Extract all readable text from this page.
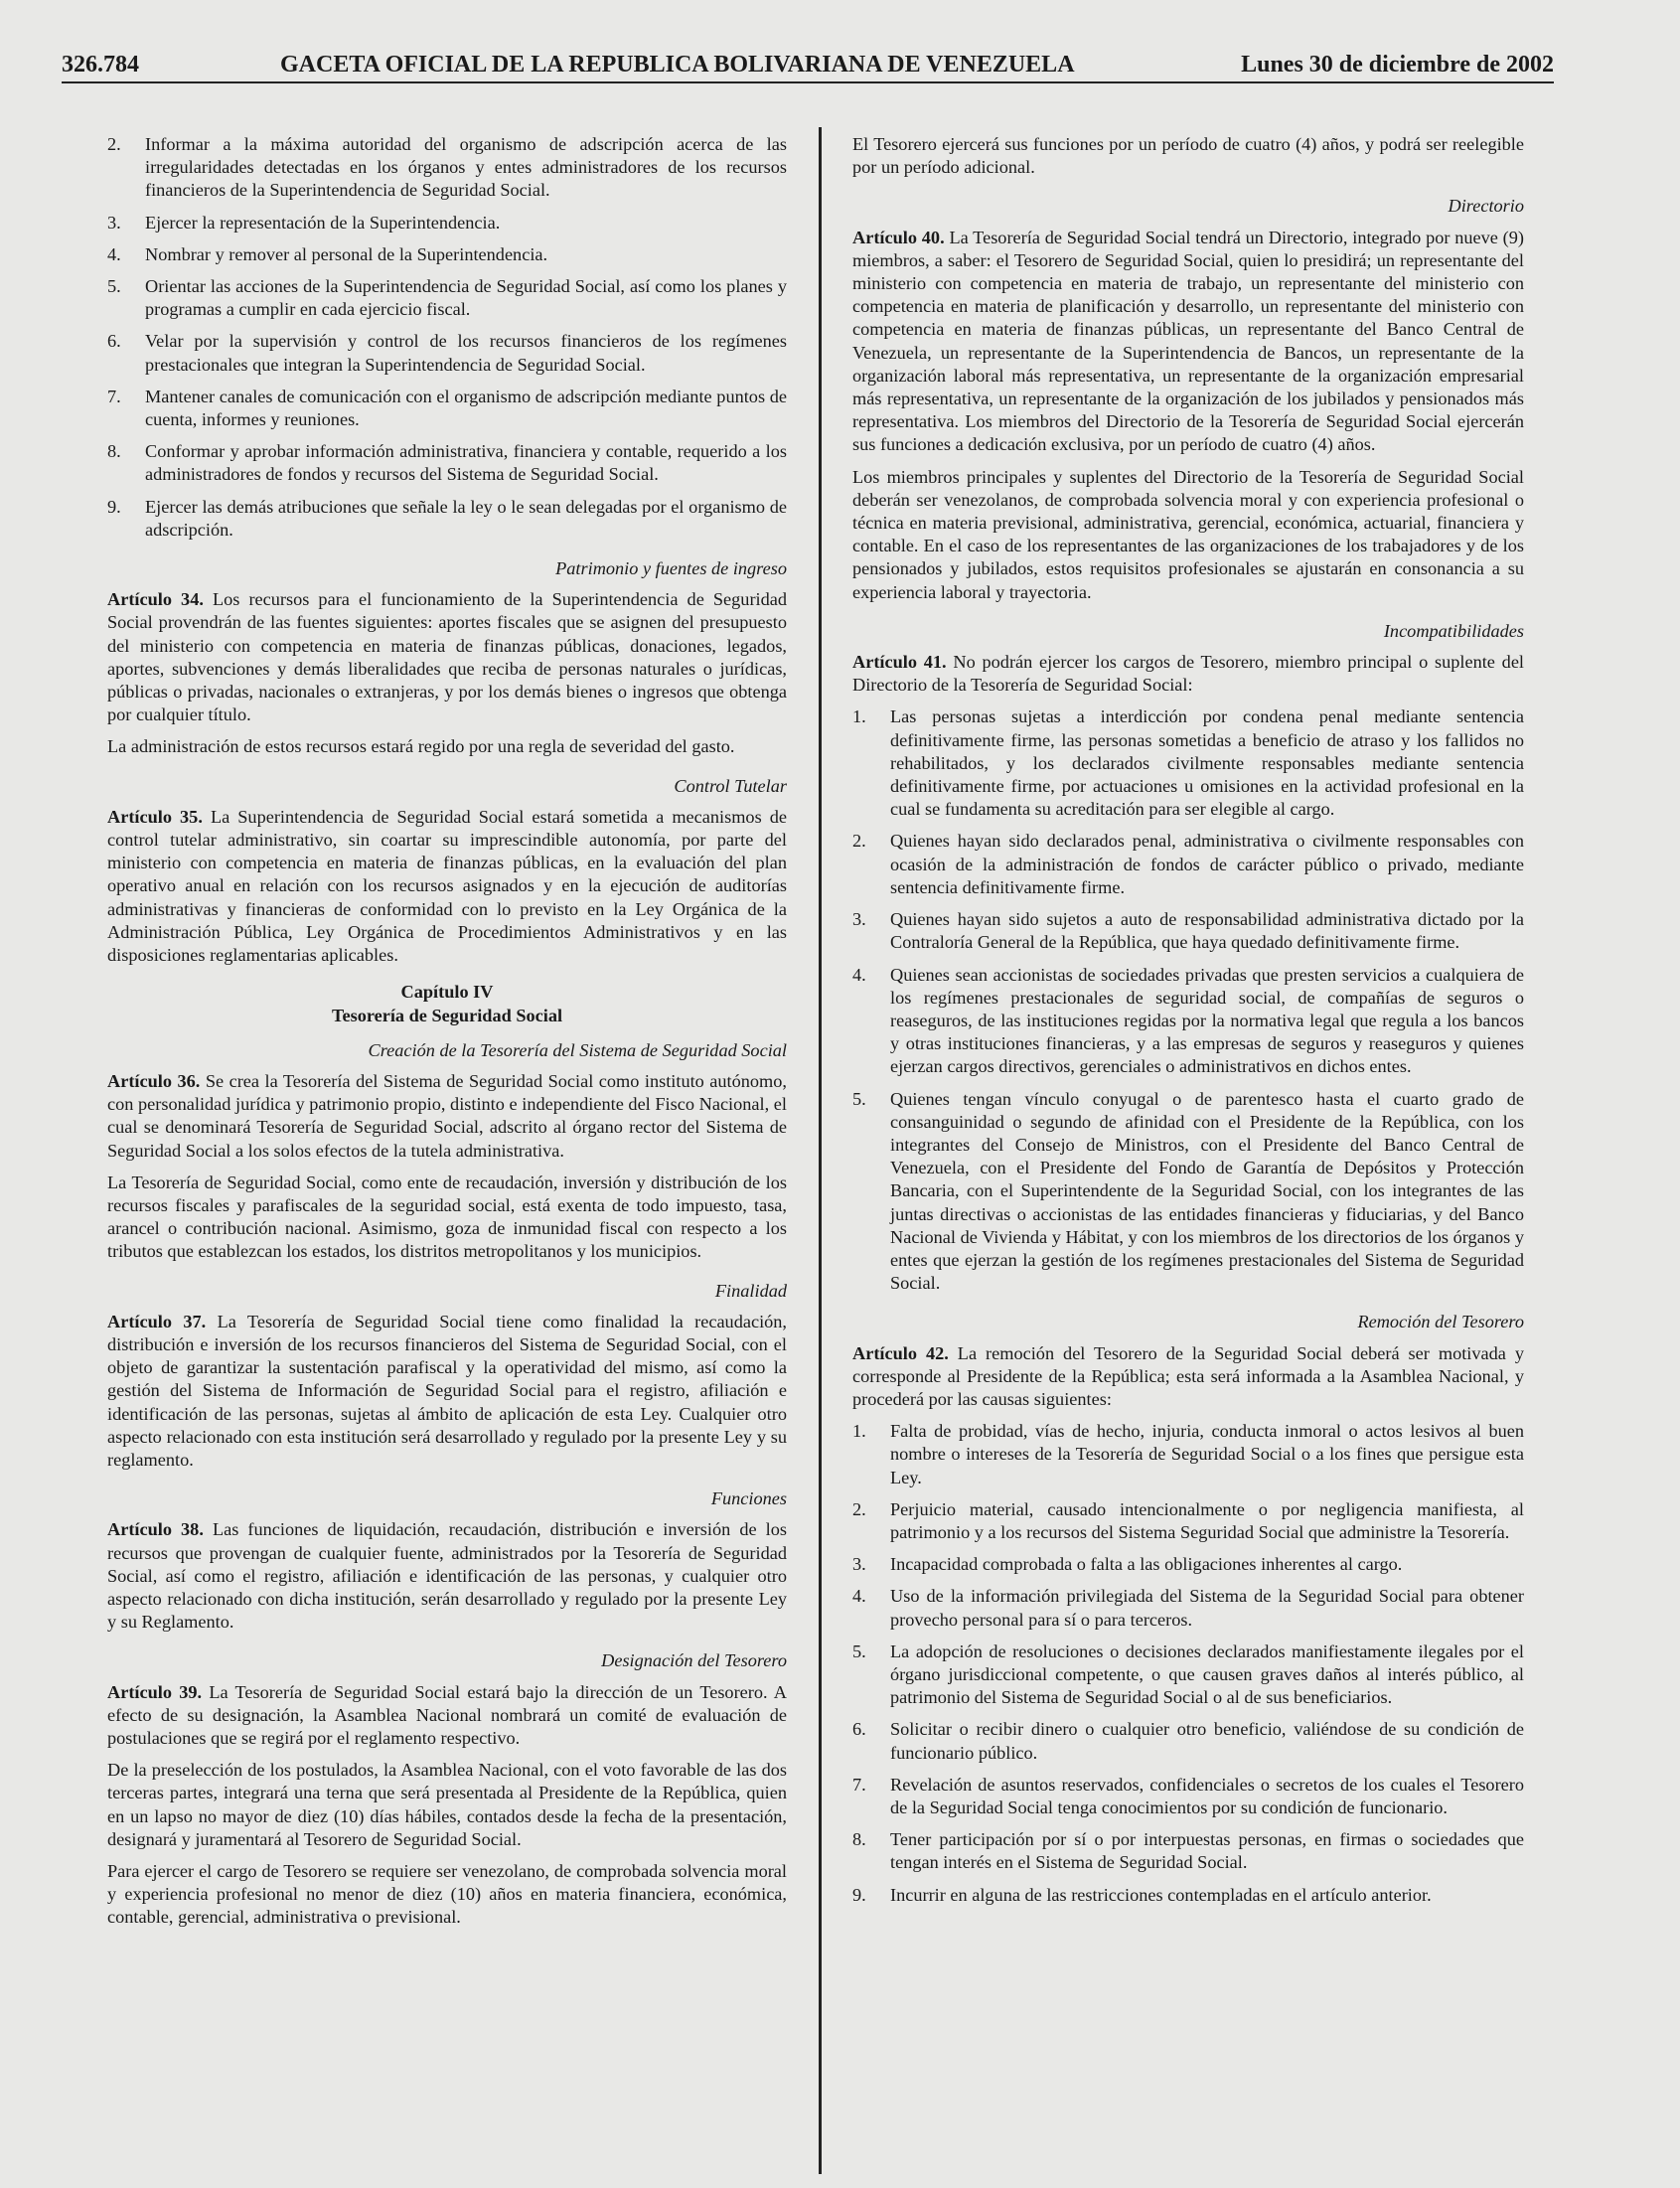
326.784	GACETA OFICIAL DE LA REPUBLICA BOLIVARIANA DE VENEZUELA	Lunes 30 de diciembre de 2002
2. Informar a la máxima autoridad del organismo de adscripción acerca de las irregularidades detectadas en los órganos y entes administradores de los recursos financieros de la Superintendencia de Seguridad Social.
3. Ejercer la representación de la Superintendencia.
4. Nombrar y remover al personal de la Superintendencia.
5. Orientar las acciones de la Superintendencia de Seguridad Social, así como los planes y programas a cumplir en cada ejercicio fiscal.
6. Velar por la supervisión y control de los recursos financieros de los regímenes prestacionales que integran la Superintendencia de Seguridad Social.
7. Mantener canales de comunicación con el organismo de adscripción mediante puntos de cuenta, informes y reuniones.
8. Conformar y aprobar información administrativa, financiera y contable, requerido a los administradores de fondos y recursos del Sistema de Seguridad Social.
9. Ejercer las demás atribuciones que señale la ley o le sean delegadas por el organismo de adscripción.
Patrimonio y fuentes de ingreso

Artículo 34. Los recursos para el funcionamiento de la Superintendencia de Seguridad Social provendrán de las fuentes siguientes: aportes fiscales que se asignen del presupuesto del ministerio con competencia en materia de finanzas públicas, donaciones, legados, aportes, subvenciones y demás liberalidades que reciba de personas naturales o jurídicas, públicas o privadas, nacionales o extranjeras, y por los demás bienes o ingresos que obtenga por cualquier título.

La administración de estos recursos estará regido por una regla de severidad del gasto.

Control Tutelar

Artículo 35. La Superintendencia de Seguridad Social estará sometida a mecanismos de control tutelar administrativo, sin coartar su imprescindible autonomía, por parte del ministerio con competencia en materia de finanzas públicas, en la evaluación del plan operativo anual en relación con los recursos asignados y en la ejecución de auditorías administrativas y financieras de conformidad con lo previsto en la Ley Orgánica de la Administración Pública, Ley Orgánica de Procedimientos Administrativos y en las disposiciones reglamentarias aplicables.

Capítulo IV
Tesorería de Seguridad Social
Creación de la Tesorería del Sistema de Seguridad Social

Artículo 36. Se crea la Tesorería del Sistema de Seguridad Social como instituto autónomo, con personalidad jurídica y patrimonio propio, distinto e independiente del Fisco Nacional, el cual se denominará Tesorería de Seguridad Social, adscrito al órgano rector del Sistema de Seguridad Social a los solos efectos de la tutela administrativa.

La Tesorería de Seguridad Social, como ente de recaudación, inversión y distribución de los recursos fiscales y parafiscales de la seguridad social, está exenta de todo impuesto, tasa, arancel o contribución nacional. Asimismo, goza de inmunidad fiscal con respecto a los tributos que establezcan los estados, los distritos metropolitanos y los municipios.

Finalidad

Artículo 37. La Tesorería de Seguridad Social tiene como finalidad la recaudación, distribución e inversión de los recursos financieros del Sistema de Seguridad Social, con el objeto de garantizar la sustentación parafiscal y la operatividad del mismo, así como la gestión del Sistema de Información de Seguridad Social para el registro, afiliación e identificación de las personas, sujetas al ámbito de aplicación de esta Ley. Cualquier otro aspecto relacionado con esta institución será desarrollado y regulado por la presente Ley y su reglamento.

Funciones

Artículo 38. Las funciones de liquidación, recaudación, distribución e inversión de los recursos que provengan de cualquier fuente, administrados por la Tesorería de Seguridad Social, así como el registro, afiliación e identificación de las personas, y cualquier otro aspecto relacionado con dicha institución, serán desarrollado y regulado por la presente Ley y su Reglamento.

Designación del Tesorero

Artículo 39. La Tesorería de Seguridad Social estará bajo la dirección de un Tesorero. A efecto de su designación, la Asamblea Nacional nombrará un comité de evaluación de postulaciones que se regirá por el reglamento respectivo.

De la preselección de los postulados, la Asamblea Nacional, con el voto favorable de las dos terceras partes, integrará una terna que será presentada al Presidente de la República, quien en un lapso no mayor de diez (10) días hábiles, contados desde la fecha de la presentación, designará y juramentará al Tesorero de Seguridad Social.

Para ejercer el cargo de Tesorero se requiere ser venezolano, de comprobada solvencia moral y experiencia profesional no menor de diez (10) años en materia financiera, económica, contable, gerencial, administrativa o previsional.

El Tesorero ejercerá sus funciones por un período de cuatro (4) años, y podrá ser reelegible por un período adicional.

Directorio

Artículo 40. La Tesorería de Seguridad Social tendrá un Directorio, integrado por nueve (9) miembros, a saber: el Tesorero de Seguridad Social, quien lo presidirá; un representante del ministerio con competencia en materia de trabajo, un representante del ministerio con competencia en materia de planificación y desarrollo, un representante del ministerio con competencia en materia de finanzas públicas, un representante del Banco Central de Venezuela, un representante de la Superintendencia de Bancos, un representante de la organización laboral más representativa, un representante de la organización empresarial más representativa, un representante de la organización de los jubilados y pensionados más representativa. Los miembros del Directorio de la Tesorería de Seguridad Social ejercerán sus funciones a dedicación exclusiva, por un período de cuatro (4) años.

Los miembros principales y suplentes del Directorio de la Tesorería de Seguridad Social deberán ser venezolanos, de comprobada solvencia moral y con experiencia profesional o técnica en materia previsional, administrativa, gerencial, económica, actuarial, financiera y contable. En el caso de los representantes de las organizaciones de los trabajadores y de los pensionados y jubilados, estos requisitos profesionales se ajustarán en consonancia a su experiencia laboral y trayectoria.

Incompatibilidades

Artículo 41. No podrán ejercer los cargos de Tesorero, miembro principal o suplente del Directorio de la Tesorería de Seguridad Social:

1. Las personas sujetas a interdicción por condena penal mediante sentencia definitivamente firme, las personas sometidas a beneficio de atraso y los fallidos no rehabilitados, y los declarados civilmente responsables mediante sentencia definitivamente firme, por actuaciones u omisiones en la actividad profesional en la cual se fundamenta su acreditación para ser elegible al cargo.
2. Quienes hayan sido declarados penal, administrativa o civilmente responsables con ocasión de la administración de fondos de carácter público o privado, mediante sentencia definitivamente firme.
3. Quienes hayan sido sujetos a auto de responsabilidad administrativa dictado por la Contraloría General de la República, que haya quedado definitivamente firme.
4. Quienes sean accionistas de sociedades privadas que presten servicios a cualquiera de los regímenes prestacionales de seguridad social, de compañías de seguros o reaseguros, de las instituciones regidas por la normativa legal que regula a los bancos y otras instituciones financieras, y a las empresas de seguros y reaseguros y quienes ejerzan cargos directivos, gerenciales o administrativos en dichos entes.
5. Quienes tengan vínculo conyugal o de parentesco hasta el cuarto grado de consanguinidad o segundo de afinidad con el Presidente de la República, con los integrantes del Consejo de Ministros, con el Presidente del Banco Central de Venezuela, con el Presidente del Fondo de Garantía de Depósitos y Protección Bancaria, con el Superintendente de la Seguridad Social, con los integrantes de las juntas directivas o accionistas de las entidades financieras y fiduciarias, y del Banco Nacional de Vivienda y Hábitat, y con los miembros de los directorios de los órganos y entes que ejerzan la gestión de los regímenes prestacionales del Sistema de Seguridad Social.
Remoción del Tesorero

Artículo 42. La remoción del Tesorero de la Seguridad Social deberá ser motivada y corresponde al Presidente de la República; esta será informada a la Asamblea Nacional, y procederá por las causas siguientes:

1. Falta de probidad, vías de hecho, injuria, conducta inmoral o actos lesivos al buen nombre o intereses de la Tesorería de Seguridad Social o a los fines que persigue esta Ley.
2. Perjuicio material, causado intencionalmente o por negligencia manifiesta, al patrimonio y a los recursos del Sistema Seguridad Social que administre la Tesorería.
3. Incapacidad comprobada o falta a las obligaciones inherentes al cargo.
4. Uso de la información privilegiada del Sistema de la Seguridad Social para obtener provecho personal para sí o para terceros.
5. La adopción de resoluciones o decisiones declarados manifiestamente ilegales por el órgano jurisdiccional competente, o que causen graves daños al interés público, al patrimonio del Sistema de Seguridad Social o al de sus beneficiarios.
6. Solicitar o recibir dinero o cualquier otro beneficio, valiéndose de su condición de funcionario público.
7. Revelación de asuntos reservados, confidenciales o secretos de los cuales el Tesorero de la Seguridad Social tenga conocimientos por su condición de funcionario.
8. Tener participación por sí o por interpuestas personas, en firmas o sociedades que tengan interés en el Sistema de Seguridad Social.
9. Incurrir en alguna de las restricciones contempladas en el artículo anterior.
